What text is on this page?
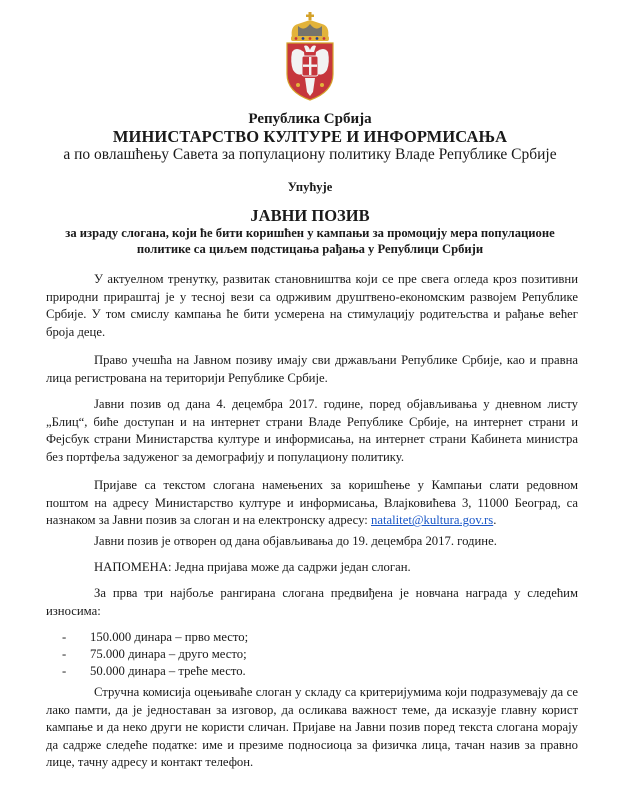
Република Србија
МИНИСТАРСТВО КУЛТУРЕ И ИНФОРМИСАЊА
а по овлашћењу Савета за популациону политику Владе Републике Србије
Упућује
ЈАВНИ ПОЗИВ
за израду слогана, који ће бити коришћен у кампањи за промоцију мера популационе политике са циљем подстицања рађања у Републици Србији
У актуелном тренутку, развитак становништва који се пре свега огледа кроз позитивни природни прираштај је у тесној вези са одрживим друштвено-економским развојем Републике Србије. У том смислу кампања ће бити усмерена на стимулацију родитељства и рађање већег броја деце.
Право учешћа на Јавном позиву имају сви држављани Републике Србије, као и правна лица регистрована на територији Републике Србије.
Јавни позив од дана 4. децембра 2017. године, поред објављивања у дневном листу „Блиц“, биће доступан и на интернет страни Владе Републике Србије, на интернет страни и Фејсбук страни Министарства културе и информисања, на интернет страни Кабинета министра без портфеља задуженог за демографију и популациону политику.
Пријаве са текстом слогана намењених за коришћење у Кампањи слати редовном поштом на адресу Министарство културе и информисања, Влајковићева 3, 11000 Београд, са назнаком за Јавни позив за слоган и на електронску адресу: natalitet@kultura.gov.rs.
Јавни позив је отворен од дана објављивања до 19. децембра 2017. године.
НАПОМЕНА: Једна пријава може да садржи један слоган.
За прва три најбоље рангирана слогана предвиђена је новчана награда у следећим износима:
- 150.000 динара – прво место;
- 75.000 динара – друго место;
- 50.000 динара – треће место.
Стручна комисија оцењиваће слоган у складу са критеријумима који подразумевају да се лако памти, да је једноставан за изговор, да осликава важност теме, да исказује главну корист кампање и да неко други не користи сличан. Пријаве на Јавни позив поред текста слогана морају да садрже следеће податке: име и презиме подносиоца за физичка лица, тачан назив за правно лице, тачну адресу и контакт телефон.
